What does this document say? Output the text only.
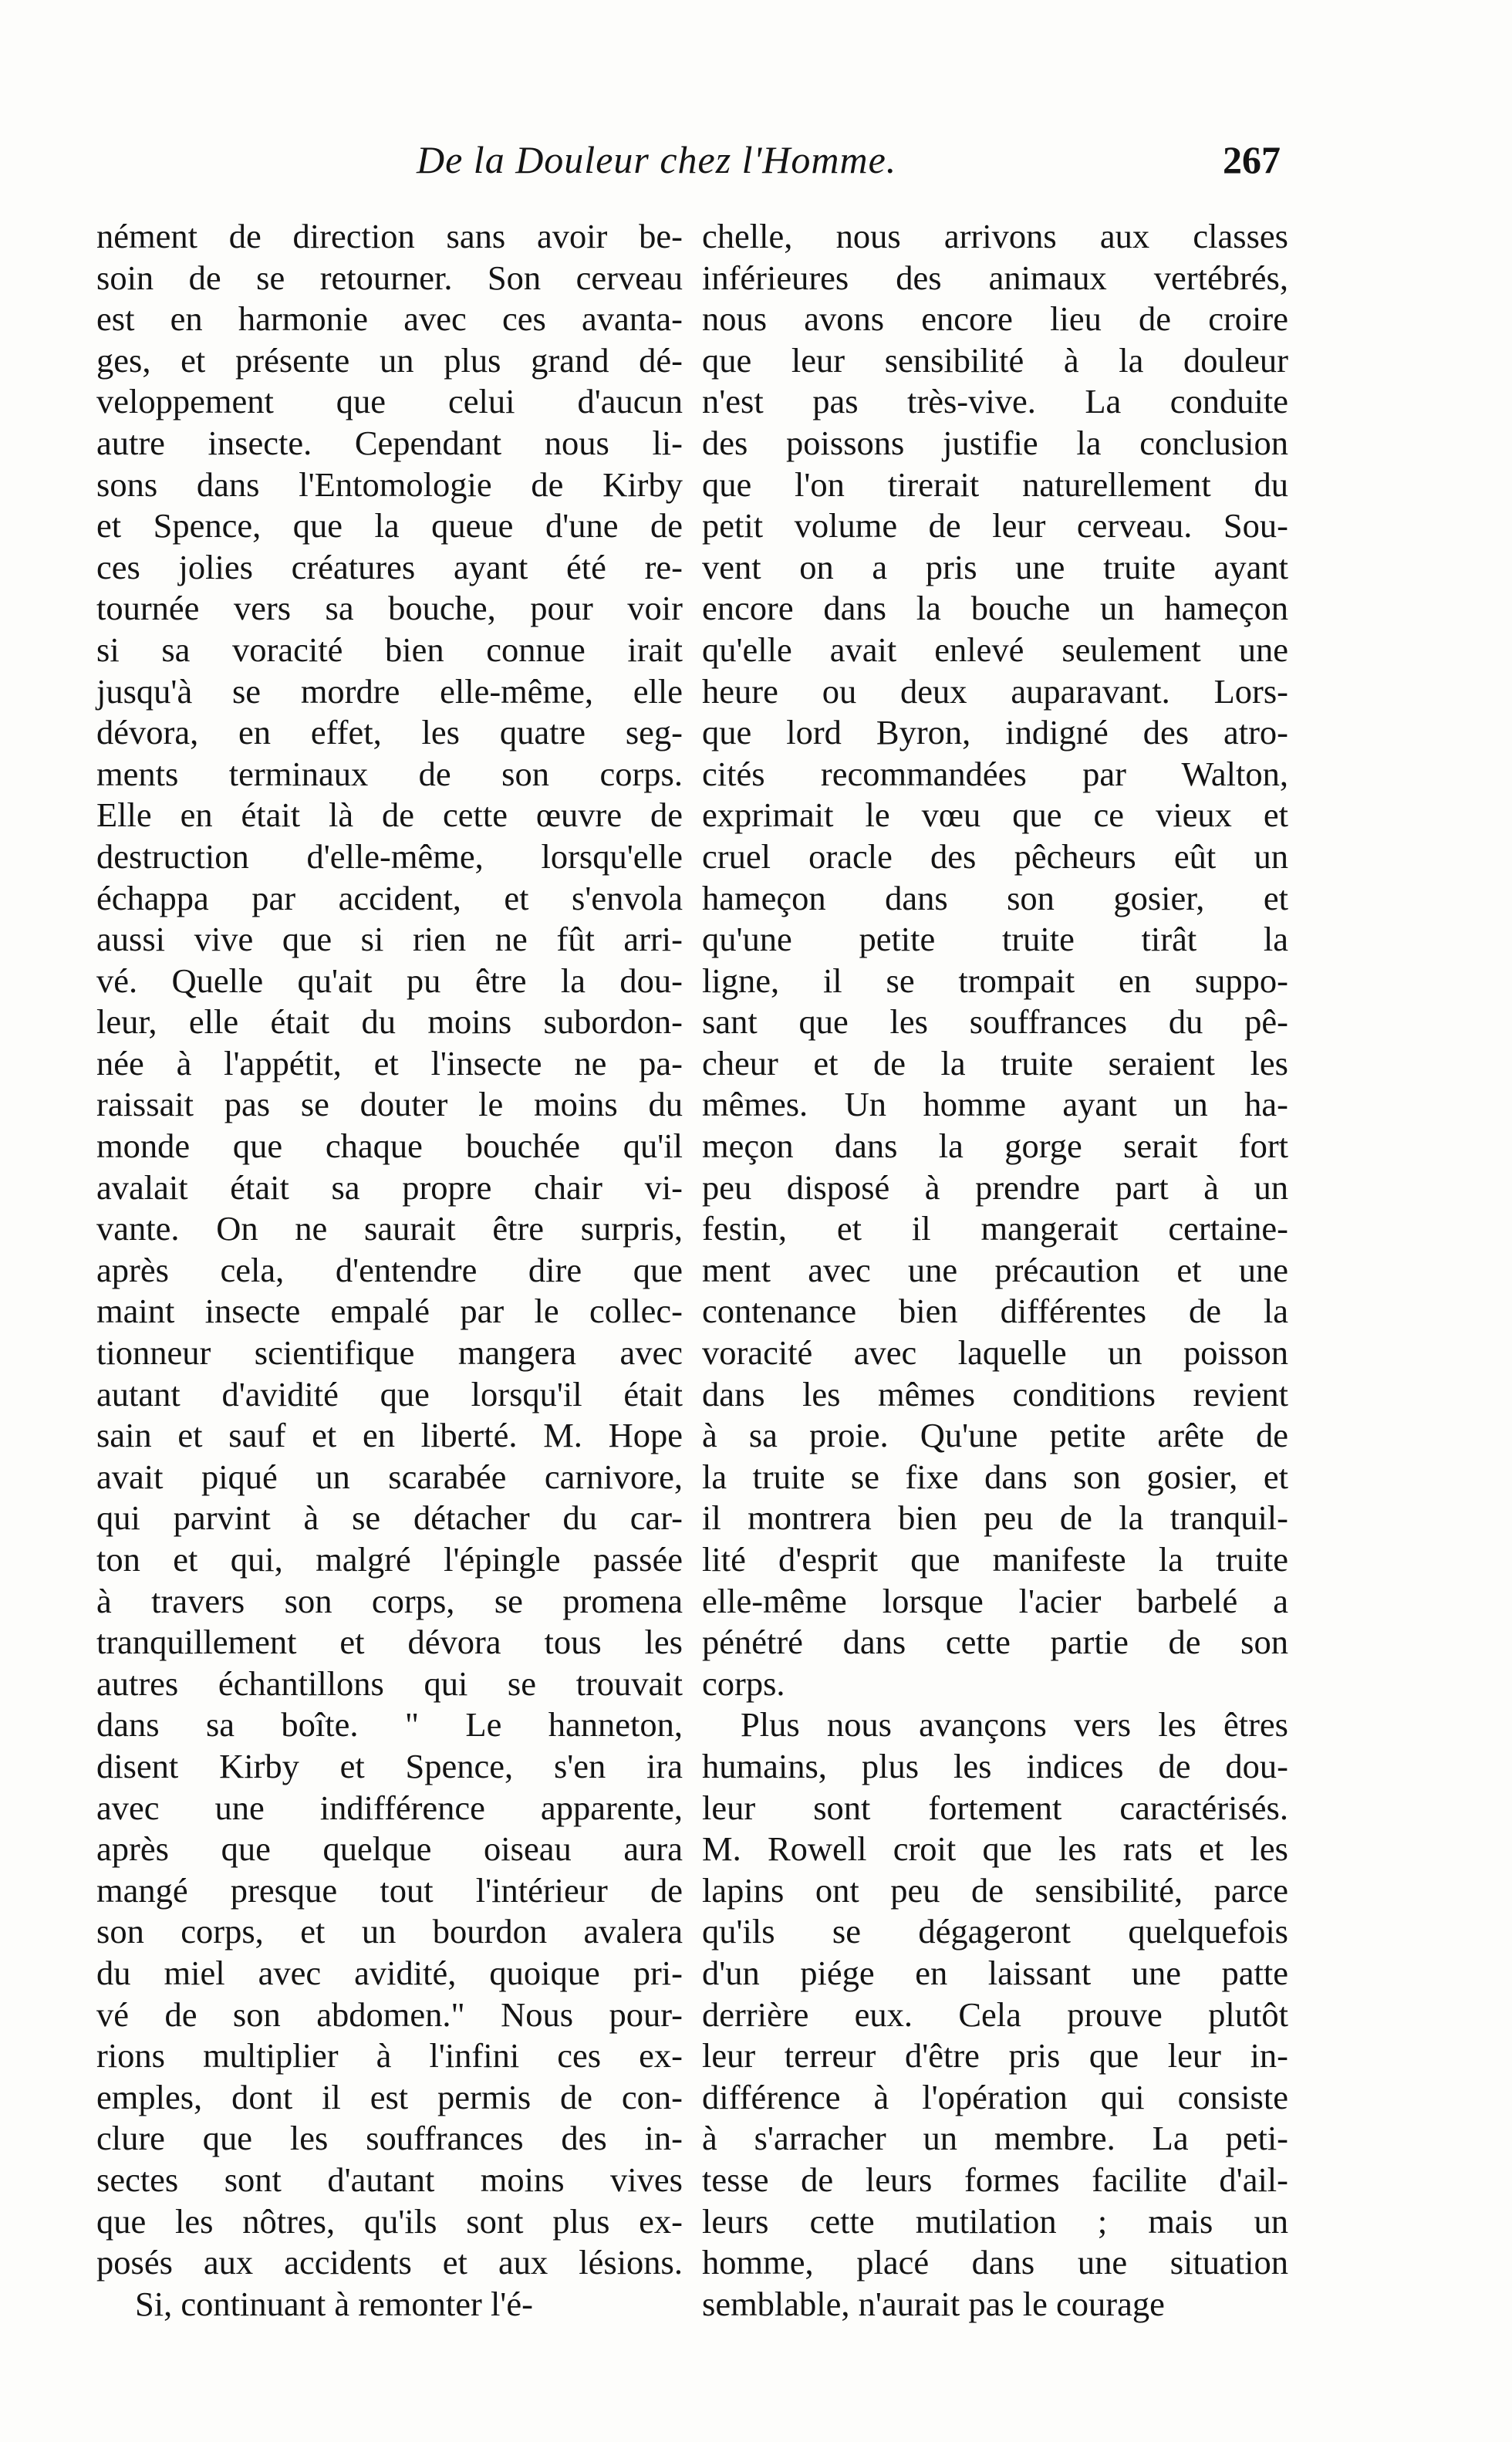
De la Douleur chez l'Homme.	267
nément de direction sans avoir be-
soin de se retourner. Son cerveau
est en harmonie avec ces avanta-
ges, et présente un plus grand dé-
veloppement que celui d'aucun
autre insecte. Cependant nous li-
sons dans l'Entomologie de Kirby
et Spence, que la queue d'une de
ces jolies créatures ayant été re-
tournée vers sa bouche, pour voir
si sa voracité bien connue irait
jusqu'à se mordre elle-même, elle
dévora, en effet, les quatre seg-
ments terminaux de son corps.
Elle en était là de cette œuvre de
destruction d'elle-même, lorsqu'elle
échappa par accident, et s'envola
aussi vive que si rien ne fût arri-
vé. Quelle qu'ait pu être la dou-
leur, elle était du moins subordon-
née à l'appétit, et l'insecte ne pa-
raissait pas se douter le moins du
monde que chaque bouchée qu'il
avalait était sa propre chair vi-
vante. On ne saurait être surpris,
après cela, d'entendre dire que
maint insecte empalé par le collec-
tionneur scientifique mangera avec
autant d'avidité que lorsqu'il était
sain et sauf et en liberté. M. Hope
avait piqué un scarabée carnivore,
qui parvint à se détacher du car-
ton et qui, malgré l'épingle passée
à travers son corps, se promena
tranquillement et dévora tous les
autres échantillons qui se trouvait
dans sa boîte. " Le hanneton,
disent Kirby et Spence, s'en ira
avec une indifférence apparente,
après que quelque oiseau aura
mangé presque tout l'intérieur de
son corps, et un bourdon avalera
du miel avec avidité, quoique pri-
vé de son abdomen." Nous pour-
rions multiplier à l'infini ces ex-
emples, dont il est permis de con-
clure que les souffrances des in-
sectes sont d'autant moins vives
que les nôtres, qu'ils sont plus ex-
posés aux accidents et aux lésions.
Si, continuant à remonter l'é-
chelle, nous arrivons aux classes
inférieures des animaux vertébrés,
nous avons encore lieu de croire
que leur sensibilité à la douleur
n'est pas très-vive. La conduite
des poissons justifie la conclusion
que l'on tirerait naturellement du
petit volume de leur cerveau. Sou-
vent on a pris une truite ayant
encore dans la bouche un hameçon
qu'elle avait enlevé seulement une
heure ou deux auparavant. Lors-
que lord Byron, indigné des atro-
cités recommandées par Walton,
exprimait le vœu que ce vieux et
cruel oracle des pêcheurs eût un
hameçon dans son gosier, et
qu'une petite truite tirât la
ligne, il se trompait en suppo-
sant que les souffrances du pê-
cheur et de la truite seraient les
mêmes. Un homme ayant un ha-
meçon dans la gorge serait fort
peu disposé à prendre part à un
festin, et il mangerait certaine-
ment avec une précaution et une
contenance bien différentes de la
voracité avec laquelle un poisson
dans les mêmes conditions revient
à sa proie. Qu'une petite arête de
la truite se fixe dans son gosier, et
il montrera bien peu de la tranquil-
lité d'esprit que manifeste la truite
elle-même lorsque l'acier barbelé a
pénétré dans cette partie de son
corps.
Plus nous avançons vers les êtres
humains, plus les indices de dou-
leur sont fortement caractérisés.
M. Rowell croit que les rats et les
lapins ont peu de sensibilité, parce
qu'ils se dégageront quelquefois
d'un piége en laissant une patte
derrière eux. Cela prouve plutôt
leur terreur d'être pris que leur in-
différence à l'opération qui consiste
à s'arracher un membre. La peti-
tesse de leurs formes facilite d'ail-
leurs cette mutilation ; mais un
homme, placé dans une situation
semblable, n'aurait pas le courage
